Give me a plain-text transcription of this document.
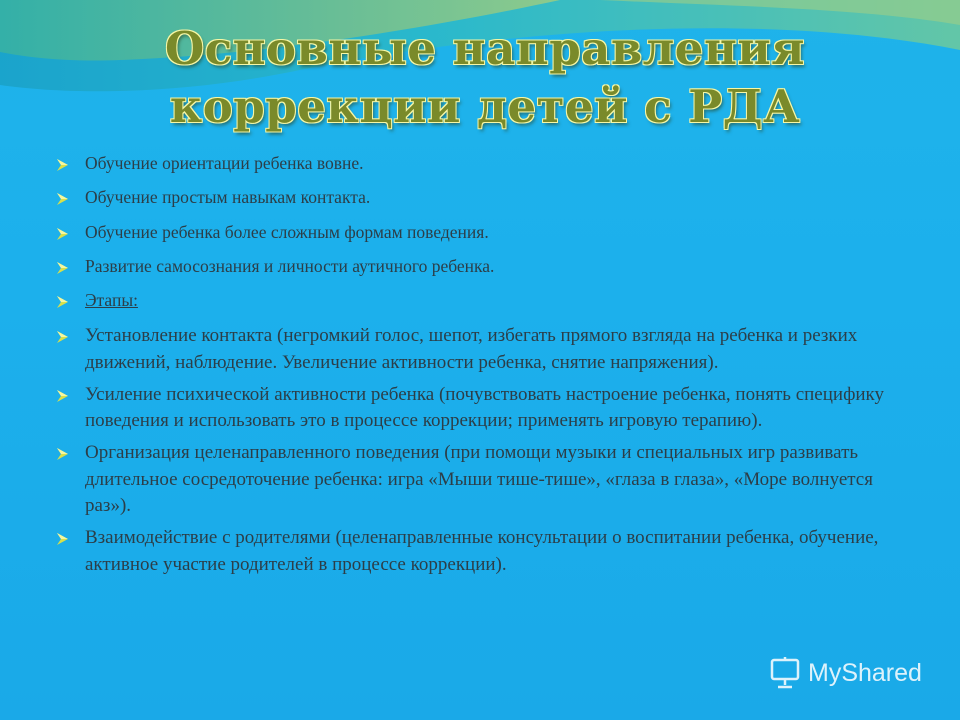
Основные направления
коррекции детей с РДА
Обучение ориентации ребенка вовне.
Обучение простым навыкам контакта.
Обучение ребенка более сложным формам поведения.
Развитие самосознания и личности аутичного ребенка.
Этапы:
Установление контакта (негромкий голос, шепот, избегать прямого взгляда на ребенка и резких движений, наблюдение. Увеличение активности ребенка, снятие напряжения).
Усиление психической активности ребенка (почувствовать настроение ребенка, понять специфику поведения и использовать это в процессе коррекции; применять игровую терапию).
Организация целенаправленного поведения (при помощи музыки и специальных игр развивать длительное сосредоточение ребенка: игра «Мыши тише-тише», «глаза в глаза», «Море волнуется раз»).
Взаимодействие с родителями (целенаправленные консультации о воспитании ребенка, обучение, активное участие родителей в процессе коррекции).
MyShared
